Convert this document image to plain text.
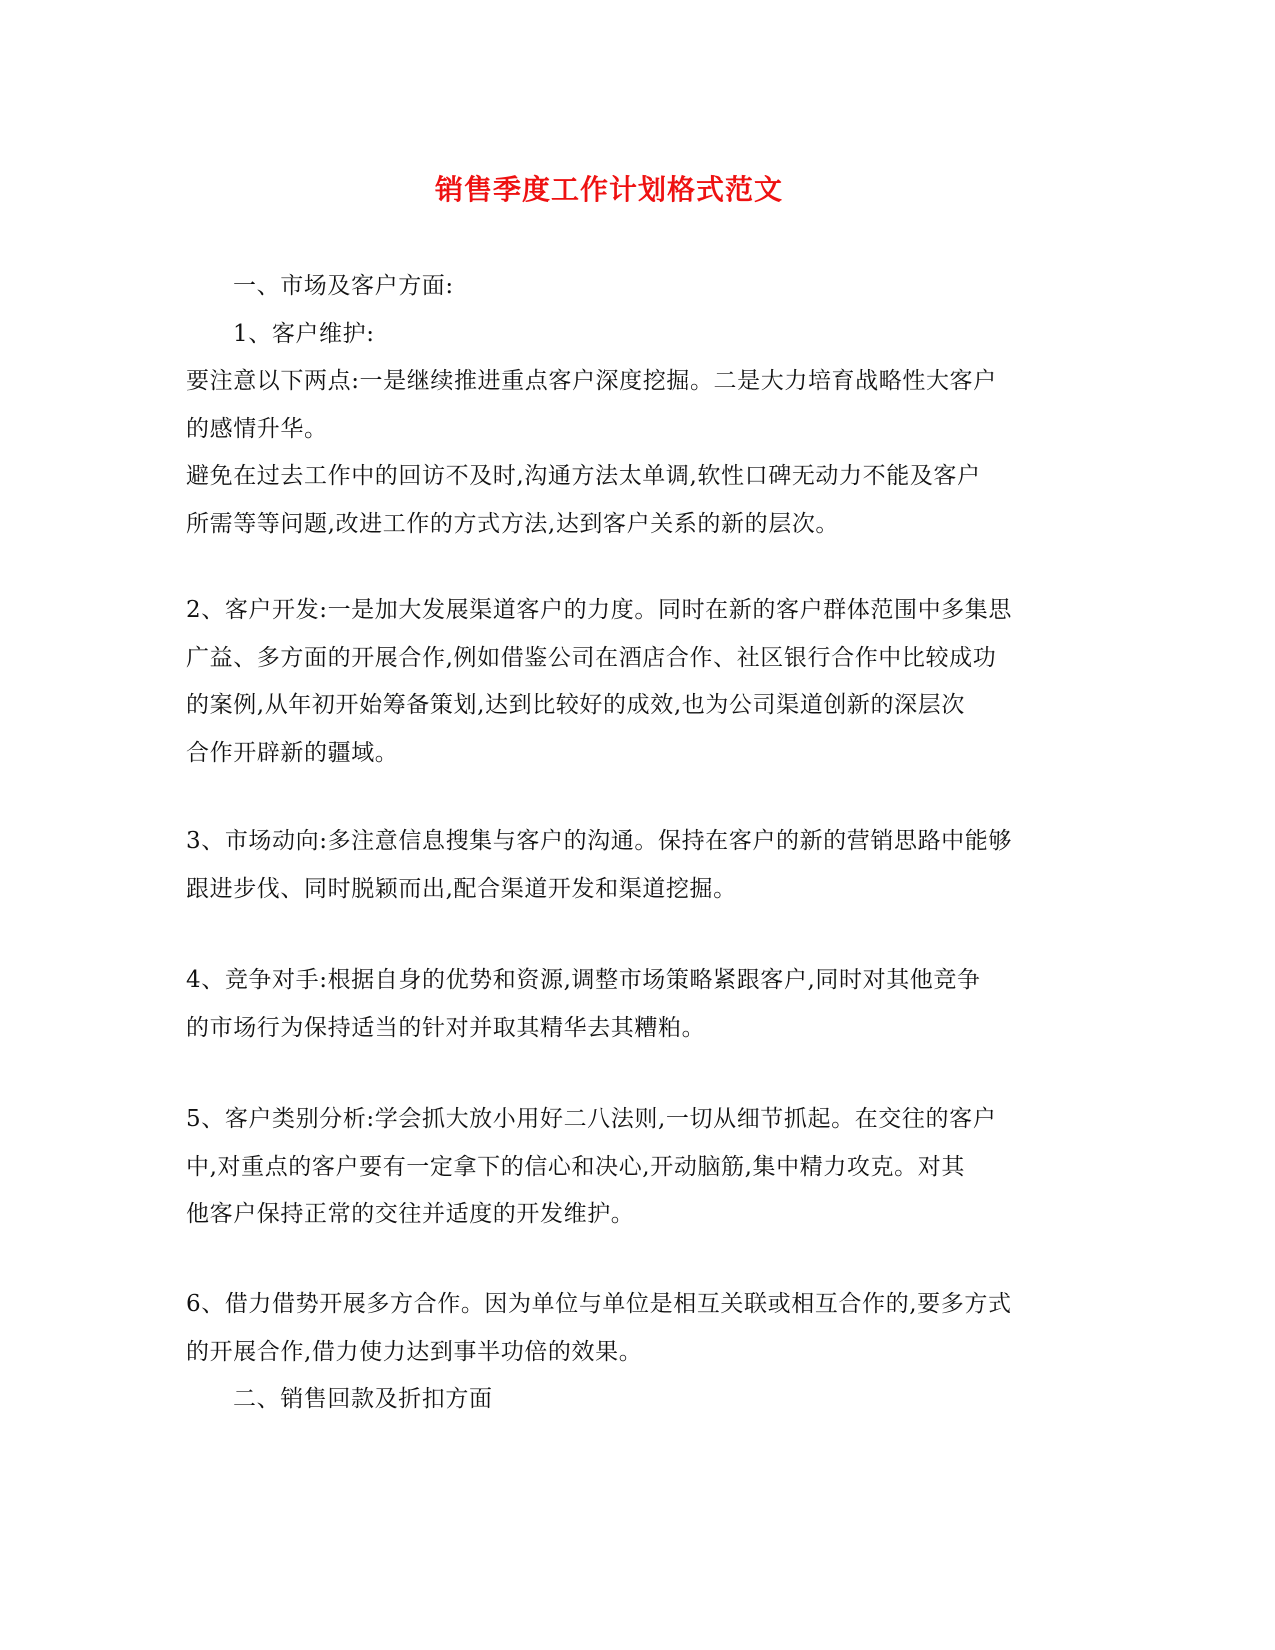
销售季度工作计划格式范文
一、市场及客户方面:
1、客户维护:
要注意以下两点:一是继续推进重点客户深度挖掘。二是大力培育战略性大客户
的感情升华。
避免在过去工作中的回访不及时,沟通方法太单调,软性口碑无动力不能及客户
所需等等问题,改进工作的方式方法,达到客户关系的新的层次。
2、客户开发:一是加大发展渠道客户的力度。同时在新的客户群体范围中多集思
广益、多方面的开展合作,例如借鉴公司在酒店合作、社区银行合作中比较成功
的案例,从年初开始筹备策划,达到比较好的成效,也为公司渠道创新的深层次
合作开辟新的疆域。
3、市场动向:多注意信息搜集与客户的沟通。保持在客户的新的营销思路中能够
跟进步伐、同时脱颖而出,配合渠道开发和渠道挖掘。
4、竞争对手:根据自身的优势和资源,调整市场策略紧跟客户,同时对其他竞争
的市场行为保持适当的针对并取其精华去其糟粕。
5、客户类别分析:学会抓大放小用好二八法则,一切从细节抓起。在交往的客户
中,对重点的客户要有一定拿下的信心和决心,开动脑筋,集中精力攻克。对其
他客户保持正常的交往并适度的开发维护。
6、借力借势开展多方合作。因为单位与单位是相互关联或相互合作的,要多方式
的开展合作,借力使力达到事半功倍的效果。
二、销售回款及折扣方面
